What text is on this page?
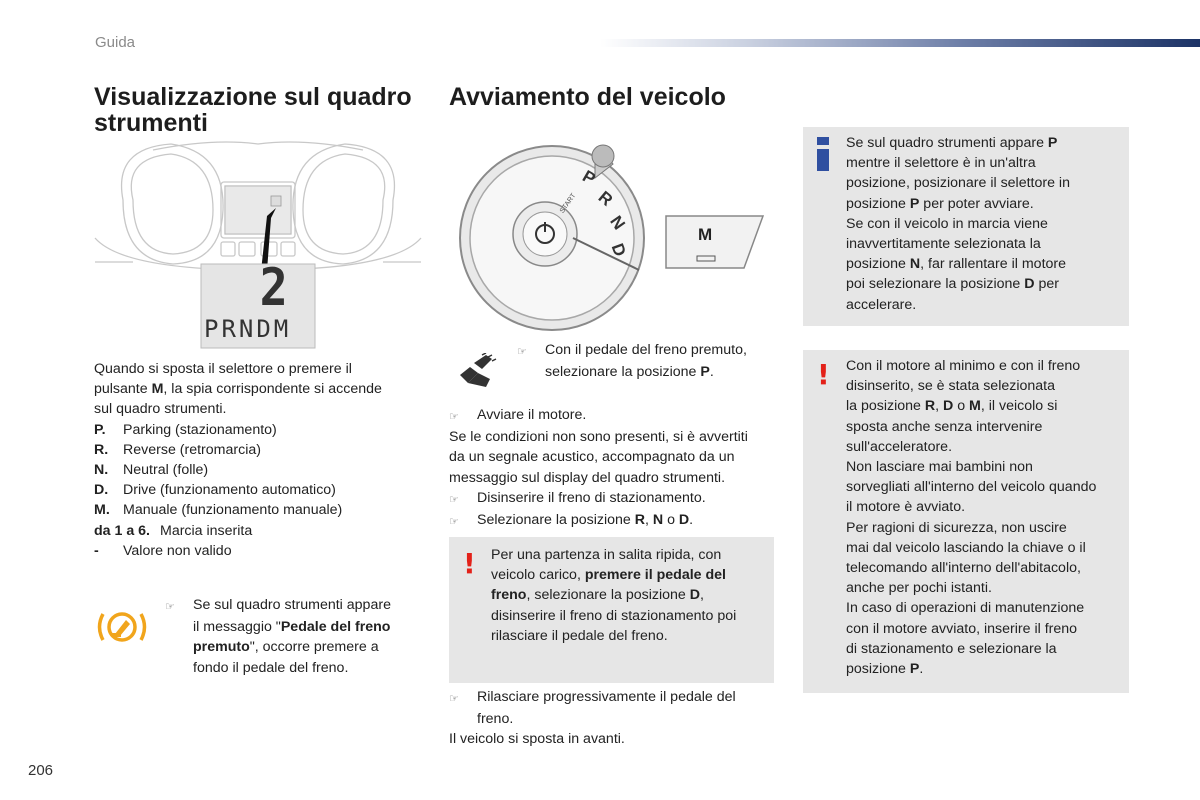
Guida
Visualizzazione sul quadro
strumenti
2
PRNDM

Quando si sposta il selettore o premere il

pulsante M, la spia corrispondente si accende

sul quadro strumenti.

P.	Parking (stazionamento)
R.	Reverse (retromarcia)
N.	Neutral (folle)
D.	Drive (funzionamento automatico)
M. Manuale (funzionamento manuale)
da 1 a 6. Marcia inserita
-	Valore non valido
☞	Se sul quadro strumenti appare
il messaggio "Pedale del freno
premuto", occorre premere a
fondo il pedale del freno.
Avviamento del veicolo
P
R
N
D
START
M
☞	Con il pedale del freno premuto,
selezionare la posizione P.
☞	Avviare il motore.

Se le condizioni non sono presenti, si è avvertiti

da un segnale acustico, accompagnato da un

messaggio sul display del quadro strumenti.

☞	Disinserire il freno di stazionamento.
☞	Selezionare la posizione R, N o D.
! Per una partenza in salita ripida, con
veicolo carico, premere il pedale del
freno, selezionare la posizione D,
disinserire il freno di stazionamento poi
rilasciare il pedale del freno.
☞	Rilasciare progressivamente il pedale del
freno.

Il veicolo si sposta in avanti.

Se sul quadro strumenti appare P
mentre il selettore è in un'altra
posizione, posizionare il selettore in
posizione P per poter avviare.
Se con il veicolo in marcia viene
inavvertitamente selezionata la
posizione N, far rallentare il motore
poi selezionare la posizione D per
accelerare.
! Con il motore al minimo e con il freno
disinserito, se è stata selezionata
la posizione R, D o M, il veicolo si
sposta anche senza intervenire
sull'acceleratore.
Non lasciare mai bambini non
sorvegliati all'interno del veicolo quando
il motore è avviato.
Per ragioni di sicurezza, non uscire
mai dal veicolo lasciando la chiave o il
telecomando all'interno dell'abitacolo,
anche per pochi istanti.
In caso di operazioni di manutenzione
con il motore avviato, inserire il freno
di stazionamento e selezionare la
posizione P.
206
